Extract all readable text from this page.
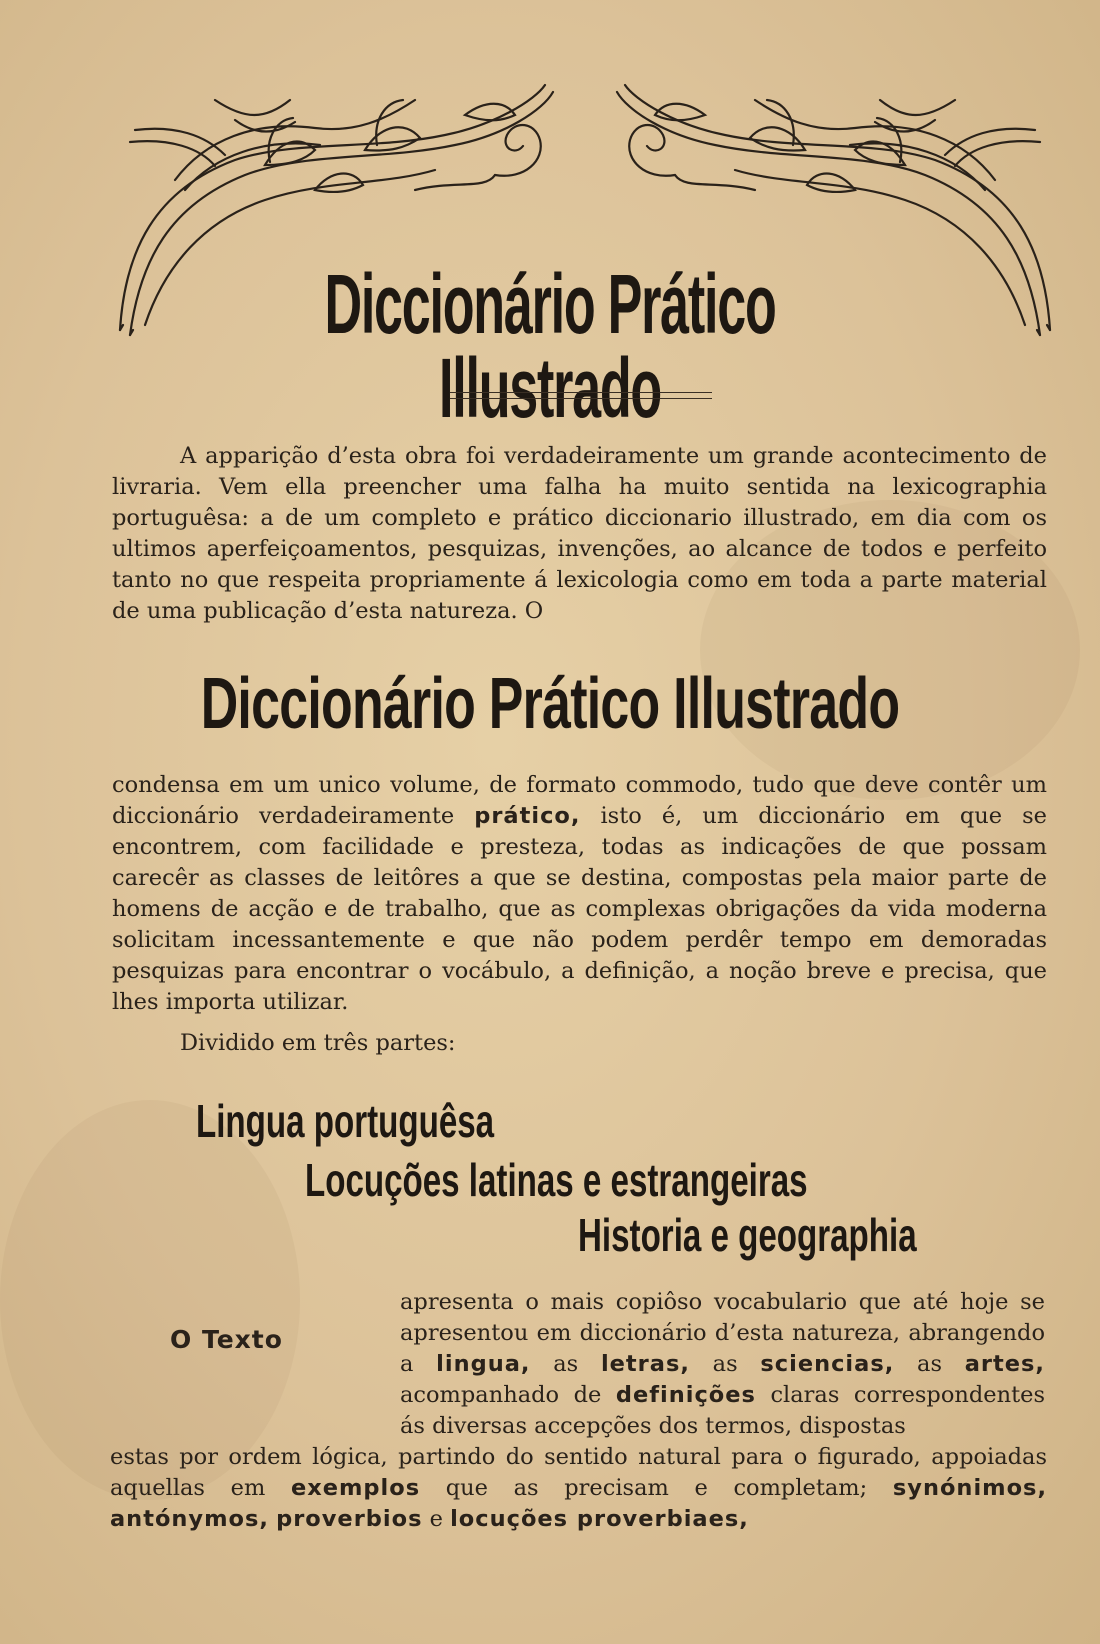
Diccionário Prático Illustrado

A apparição d’esta obra foi verdadeiramente um grande acontecimento de livraria. Vem ella preencher uma falha ha muito sentida na lexicographia portuguêsa: a de um completo e prático diccionario illustrado, em dia com os ultimos aperfeiçoamentos, pesquizas, invenções, ao alcance de todos e perfeito tanto no que respeita propriamente á lexicologia como em toda a parte material de uma publicação d’esta natureza. O

Diccionário Prático Illustrado

condensa em um unico volume, de formato commodo, tudo que deve contêr um diccionário verdadeiramente prático, isto é, um diccionário em que se encontrem, com facilidade e presteza, todas as indicações de que possam carecêr as classes de leitôres a que se destina, compostas pela maior parte de homens de acção e de trabalho, que as complexas obrigações da vida moderna solicitam incessantemente e que não podem perdêr tempo em demoradas pesquizas para encontrar o vocábulo, a definição, a noção breve e precisa, que lhes importa utilizar.

Dividido em três partes:

Lingua portuguêsa
Locuções latinas e estrangeiras
Historia e geographia
O Texto

apresenta o mais copiôso vocabulario que até hoje se apresentou em diccionário d’esta natureza, abrangendo a lingua, as letras, as sciencias, as artes, acompanhado de definições claras correspondentes ás diversas accepções dos termos, dispostas

estas por ordem lógica, partindo do sentido natural para o figurado, appoiadas aquellas em exemplos que as precisam e completam; synónimos, antónymos, proverbios e locuções proverbiaes,
